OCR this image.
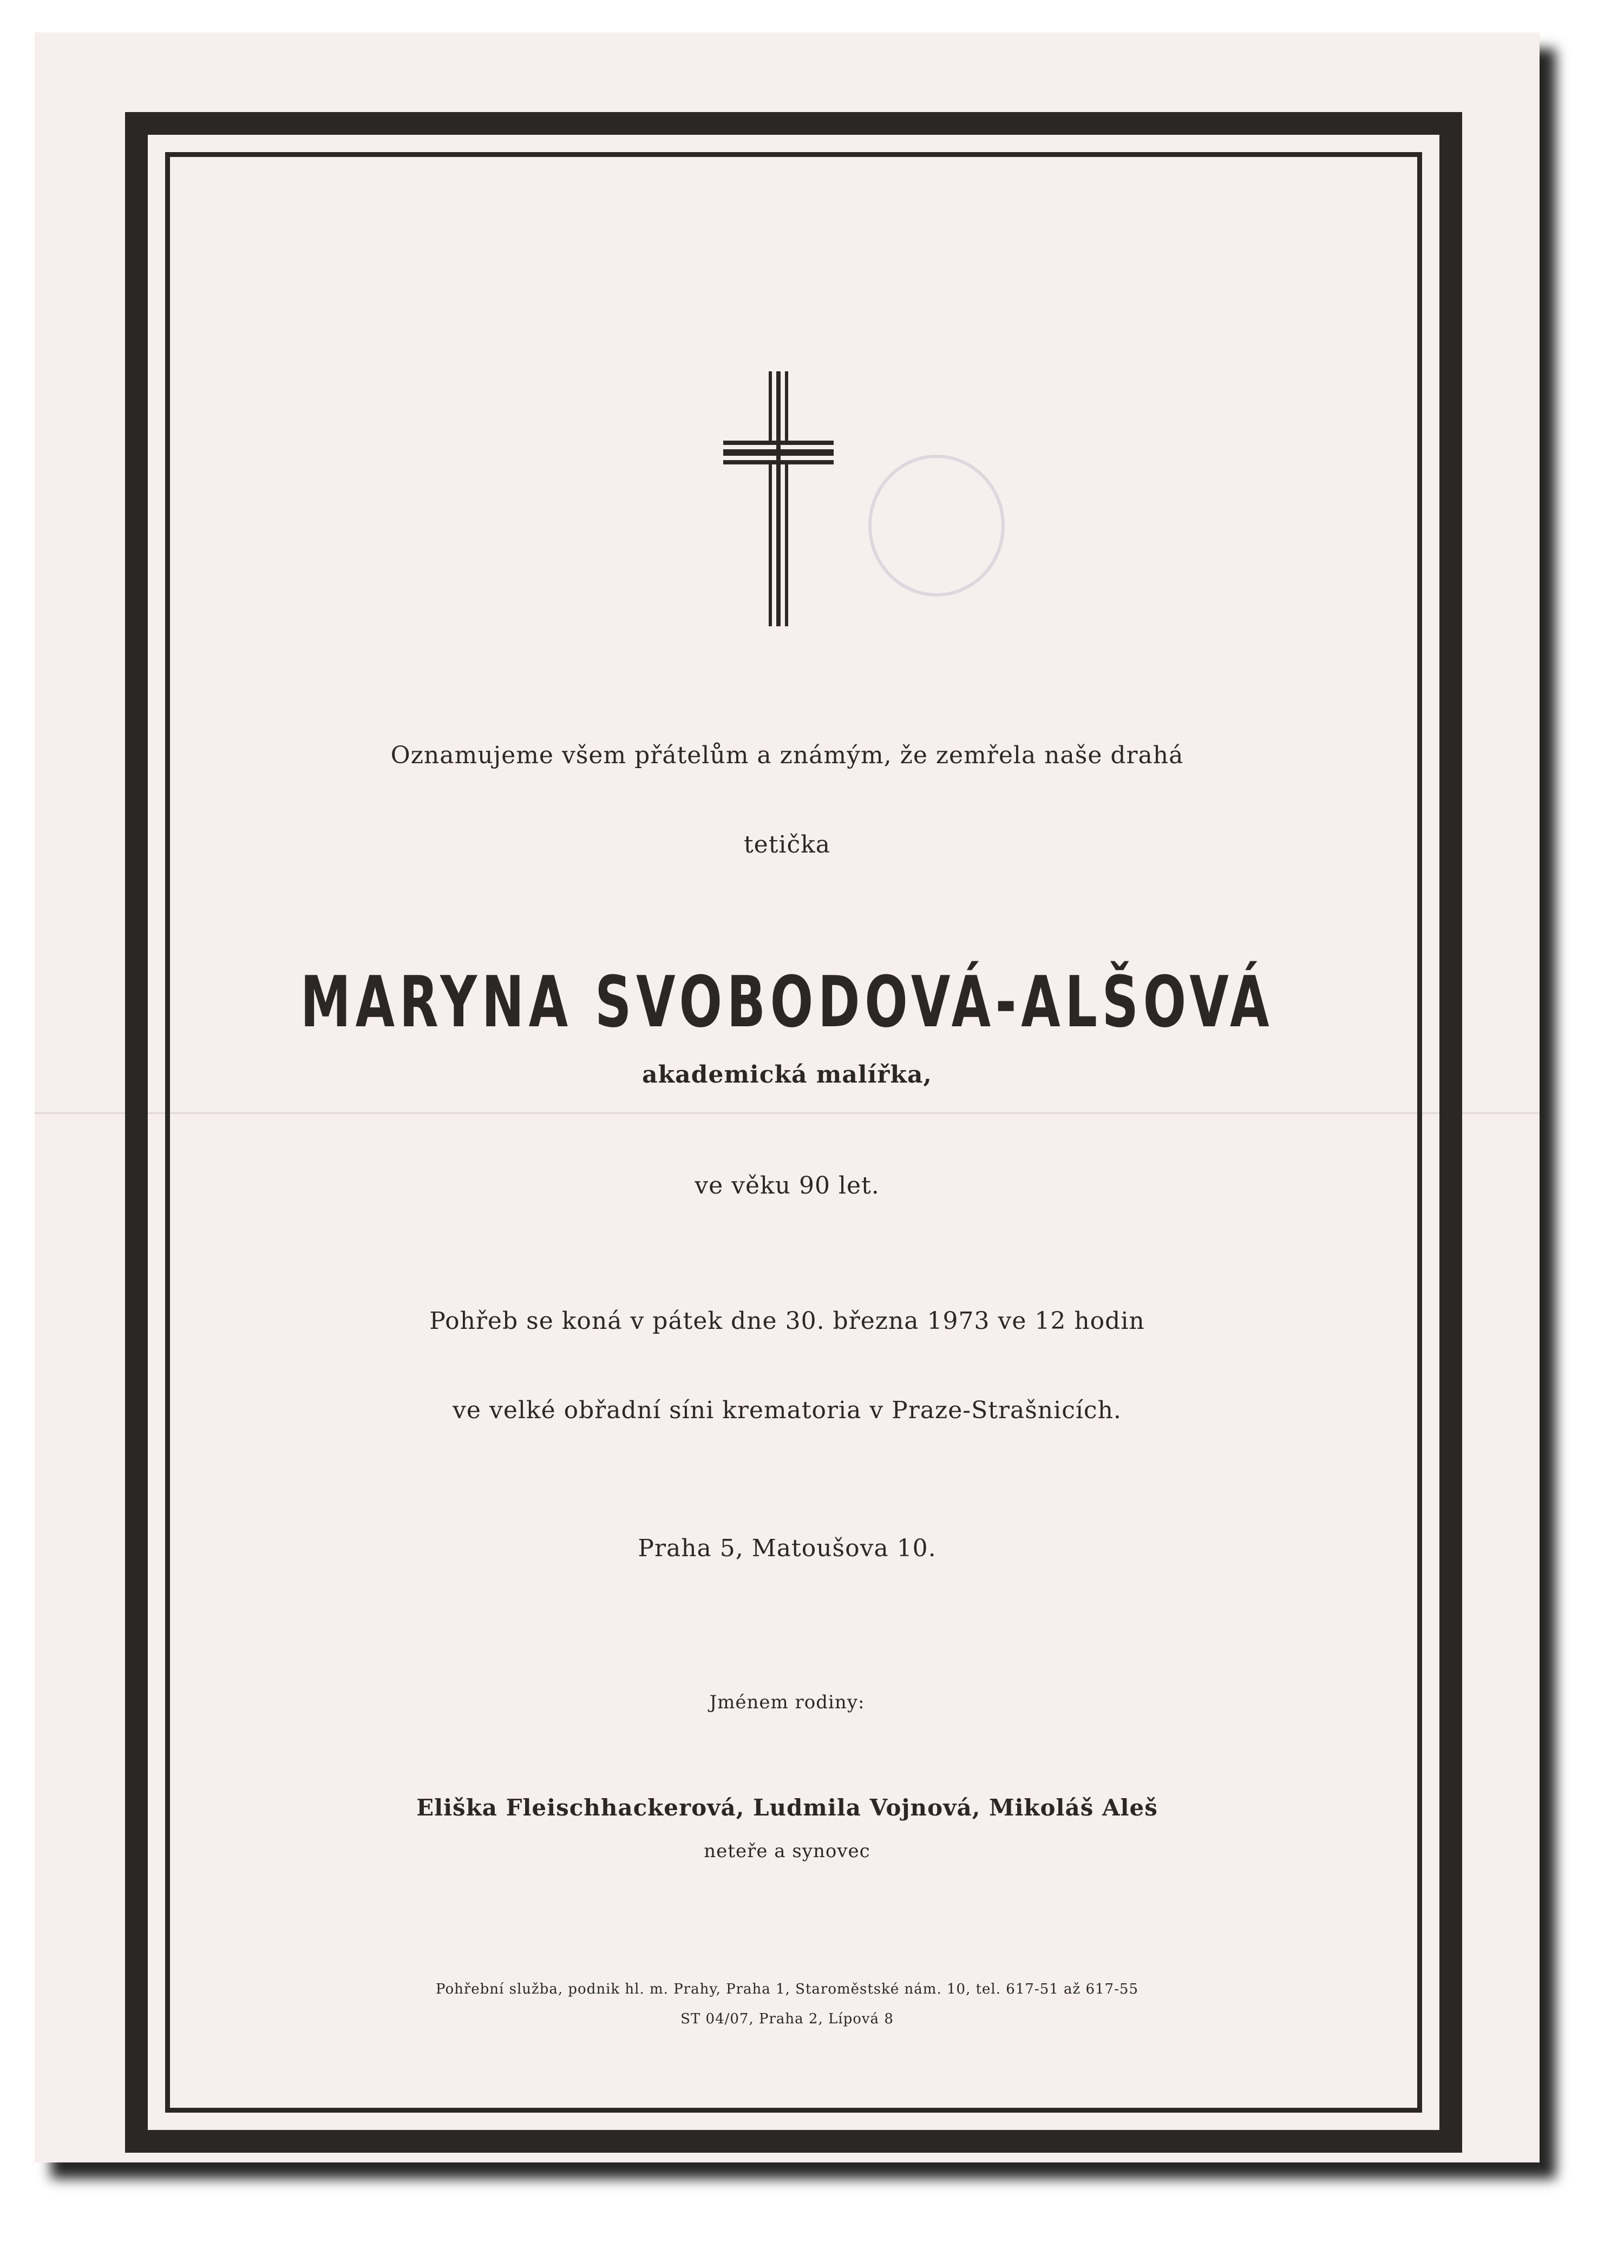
Oznamujeme všem přátelům a známým, že zemřela naše drahá
tetička
MARYNA SVOBODOVÁ-ALŠOVÁ
akademická malířka,
ve věku 90 let.
Pohřeb se koná v pátek dne 30. března 1973 ve 12 hodin
ve velké obřadní síni krematoria v Praze-Strašnicích.
Praha 5, Matoušova 10.
Jménem rodiny:
Eliška Fleischhackerová, Ludmila Vojnová, Mikoláš Aleš
neteře a synovec
Pohřební služba, podnik hl. m. Prahy, Praha 1, Staroměstské nám. 10, tel. 617-51 až 617-55
ST 04/07, Praha 2, Lípová 8
